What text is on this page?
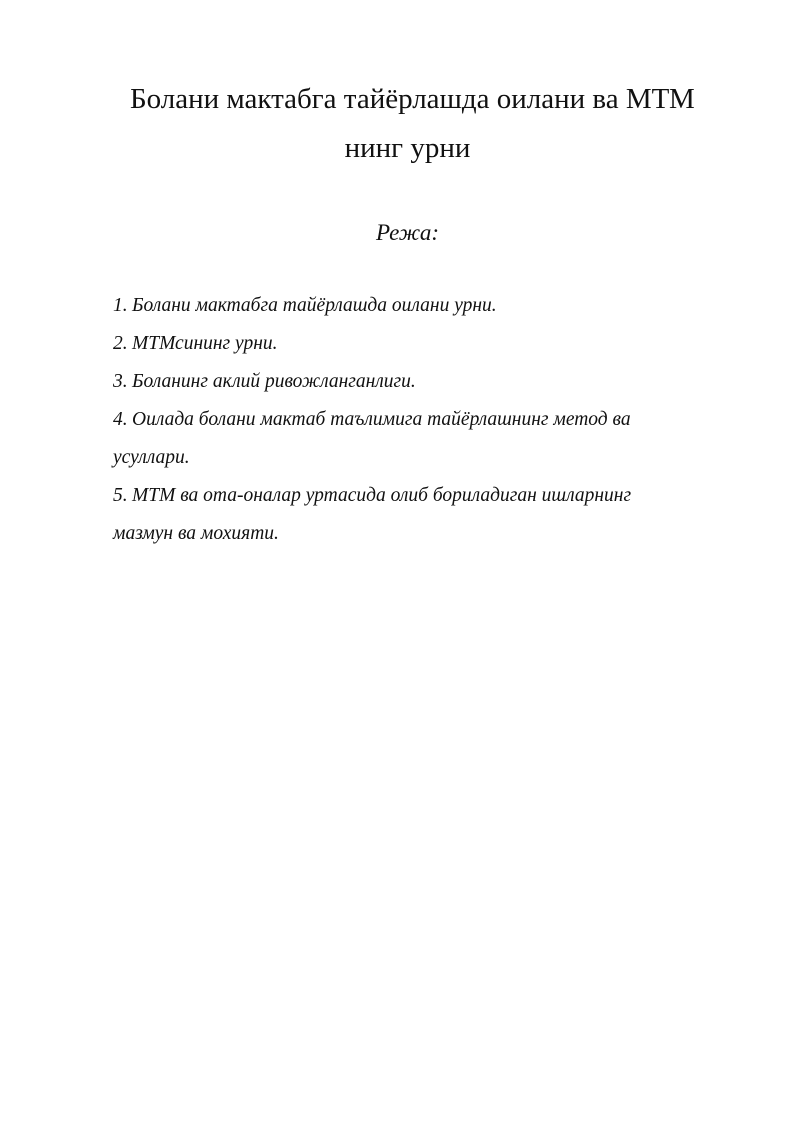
Болани мактабга тайёрлашда оилани ва МТМ
нинг урни

Режа:

1. Болани мактабга тайёрлашда оилани урни.
2. МТМсининг урни.
3. Боланинг аклий ривожланганлиги.
4. Оилада болани мактаб таълимига тайёрлашнинг метод ва
усуллари.
5. МТМ ва ота-оналар уртасида олиб бориладиган ишларнинг
мазмун ва мохияти.
